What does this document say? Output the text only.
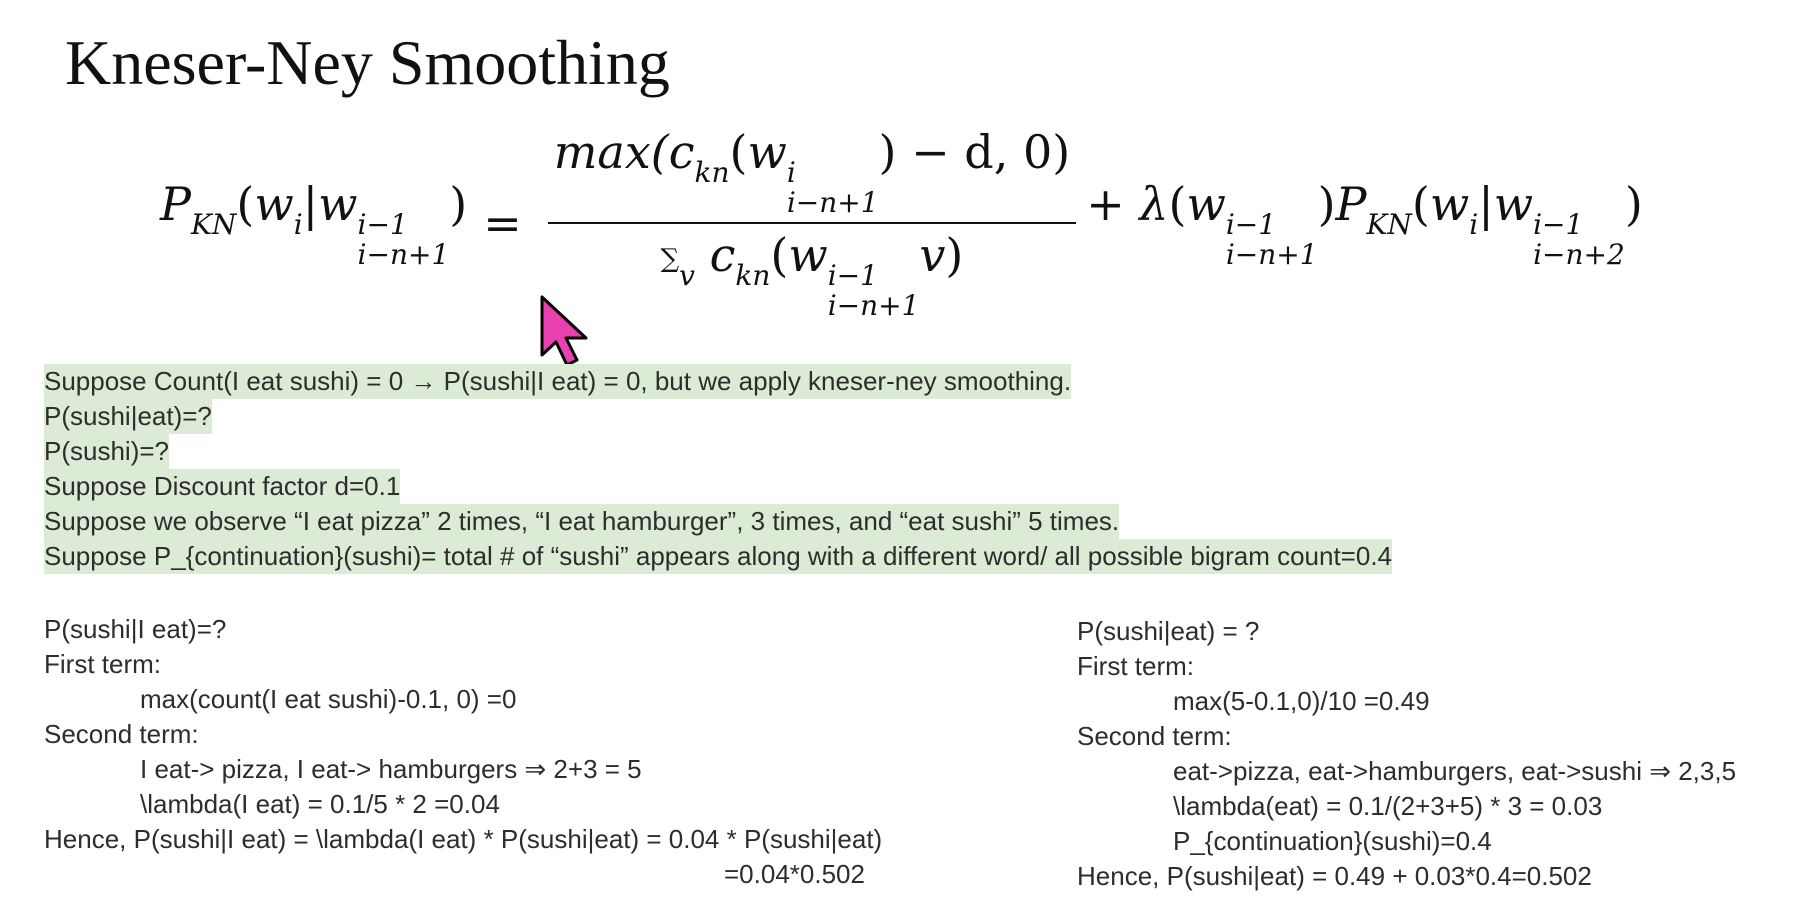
Kneser-Ney Smoothing
$P_{KN}(w_i|w$ i−1
i−n+1
) = $\max(c_{kn}(w$ i
i−n+1
) − d, 0)
∑ $_v$ $c_{kn}(w$ i−1
i−n+1
v) + λ(w i−1
i−n+1
)$P_{KN}(w_i|w$ i−1
i−n+2
)
Suppose Count(I eat sushi) = 0 → P(sushi|I eat) = 0, but we apply kneser-ney smoothing.
P(sushi|eat)=?
P(sushi)=?
Suppose Discount factor d=0.1
Suppose we observe “I eat pizza” 2 times, “I eat hamburger”, 3 times, and “eat sushi” 5 times.
Suppose P_{continuation}(sushi)= total # of “sushi” appears along with a different word/ all possible bigram count=0.4
P(sushi|I eat)=?
First term:
max(count(I eat sushi)-0.1, 0) =0
Second term:
I eat-> pizza, I eat-> hamburgers ⇒ 2+3 = 5
\lambda(I eat) = 0.1/5 * 2 =0.04
Hence, P(sushi|I eat) = \lambda(I eat) * P(sushi|eat) = 0.04 * P(sushi|eat)
=0.04*0.502
P(sushi|eat) = ?
First term:
max(5-0.1,0)/10 =0.49
Second term:
eat->pizza, eat->hamburgers, eat->sushi ⇒ 2,3,5
\lambda(eat) = 0.1/(2+3+5) * 3 = 0.03
P_{continuation}(sushi)=0.4
Hence, P(sushi|eat) = 0.49 + 0.03*0.4=0.502
